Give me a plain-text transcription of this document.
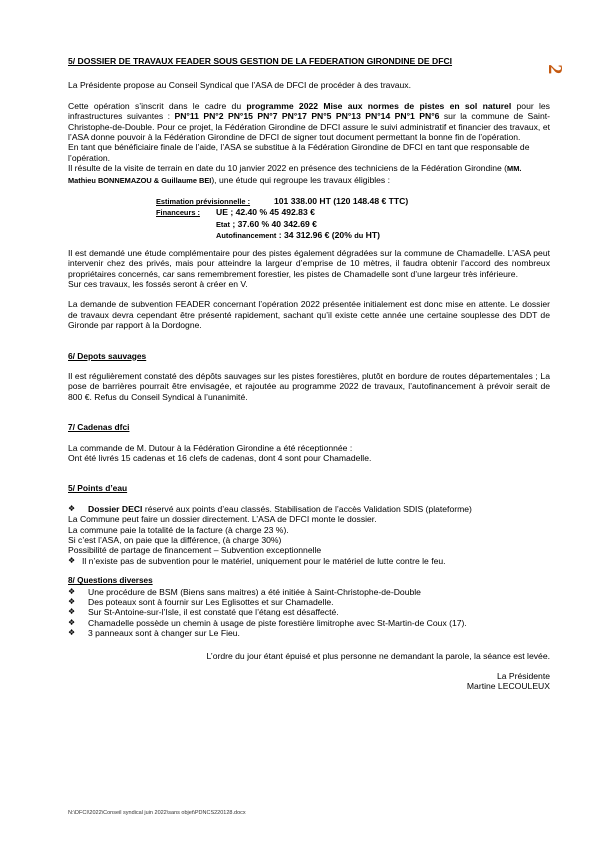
2

5/ DOSSIER DE TRAVAUX FEADER SOUS GESTION DE LA FEDERATION GIRONDINE DE DFCI

La Présidente propose au Conseil Syndical que l’ASA de DFCI de procéder à des travaux.

Cette opération s’inscrit dans le cadre du programme 2022 Mise aux normes de pistes en sol naturel pour les infrastructures suivantes : PN°11 PN°2 PN°15 PN°7 PN°17 PN°5 PN°13 PN°14 PN°1 PN°6 sur la commune de Saint-Christophe-de-Double. Pour ce projet, la Fédération Girondine de DFCI assure le suivi administratif et financier des travaux, et l’ASA donne pouvoir à la Fédération Girondine de DFCI de signer tout document permettant la bonne fin de l’opération.

En tant que bénéficiaire finale de l’aide, l’ASA se substitue à la Fédération Girondine de DFCI en tant que responsable de l’opération.

Il résulte de la visite de terrain en date du 10 janvier 2022 en présence des techniciens de la Fédération Girondine (MM. Mathieu BONNEMAZOU & Guillaume BEI), une étude qui regroupe les travaux éligibles :

Estimation prévisionnelle :	101 338.00 HT (120 148.48 € TTC)

Financeurs : UE ; 42.40 % 45 492.83 €

Etat ; 37.60 % 40 342.69 €

Autofinancement : 34 312.96 € (20% du HT)

Il est demandé une étude complémentaire pour des pistes également dégradées sur la commune de Chamadelle. L’ASA peut intervenir chez des privés, mais pour atteindre la largeur d’emprise de 10 mètres, il faudra obtenir l’accord des nombreux propriétaires concernés, car sans remembrement forestier, les pistes de Chamadelle sont d’une largeur très inférieure.

Sur ces travaux, les fossés seront à créer en V.

La demande de subvention FEADER concernant l’opération 2022 présentée initialement est donc mise en attente. Le dossier de travaux devra cependant être présenté rapidement, sachant qu’il existe cette année une certaine souplesse des DDT de Gironde par rapport à la Dordogne.

6/ Depots sauvages

Il est régulièrement constaté des dépôts sauvages sur les pistes forestières, plutôt en bordure de routes départementales ; La pose de barrières pourrait être envisagée, et rajoutée au programme 2022 de travaux, l’autofinancement à prévoir serait de 800 €. Refus du Conseil Syndical à l’unanimité.

7/ Cadenas dfci

La commande de M. Dutour à la Fédération Girondine a été réceptionnée :

Ont été livrés 15 cadenas et 16 clefs de cadenas, dont 4 sont pour Chamadelle.

5/ Points d’eau

❖ Dossier DECI réservé aux points d’eau classés. Stabilisation de l’accès Validation SDIS (plateforme)

La Commune peut faire un dossier directement. L’ASA de DFCI monte le dossier.

La commune paie la totalité de la facture (à charge 23 %).

Si c’est l’ASA, on paie que la différence, (à charge 30%)

Possibilité de partage de financement – Subvention exceptionnelle

❖ Il n’existe pas de subvention pour le matériel, uniquement pour le matériel de lutte contre le feu.

8/ Questions diverses

❖ Une procédure de BSM (Biens sans maitres) a été initiée à Saint-Christophe-de-Double
❖ Des poteaux sont à fournir sur Les Eglisottes et sur Chamadelle.
❖ Sur St-Antoine-sur-l’Isle, il est constaté que l’étang est désaffecté.
❖ Chamadelle possède un chemin à usage de piste forestière limitrophe avec St-Martin-de Coux (17).
❖ 3 panneaux sont à changer sur Le Fieu.

L’ordre du jour étant épuisé et plus personne ne demandant la parole, la séance est levée.

La Présidente

Martine LECOULEUX

N:\DFCI\2022\Conseil syndical juin 2022\sans objet\PDNCS220128.docx
